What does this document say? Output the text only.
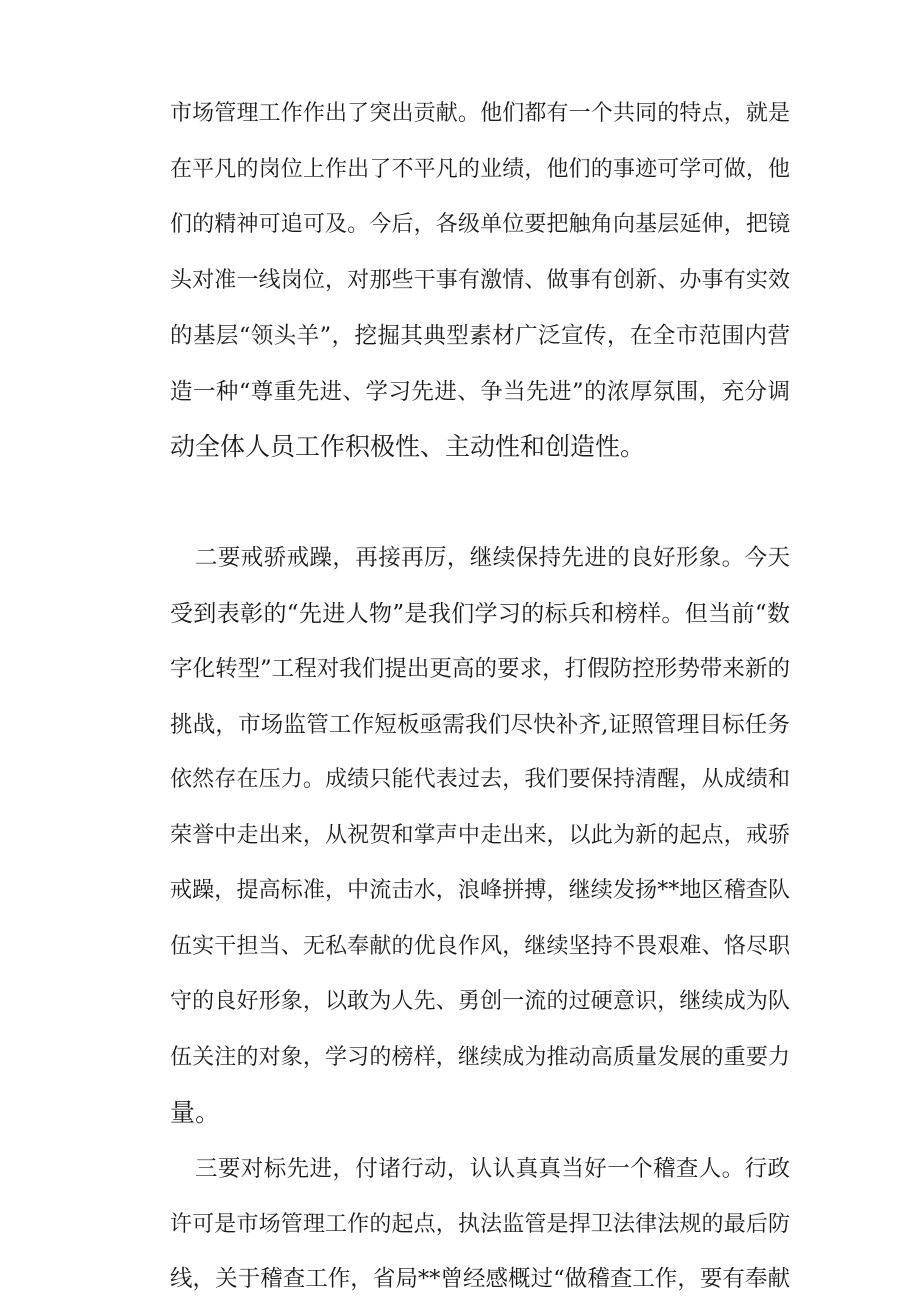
市场管理工作作出了突出贡献。他们都有一个共同的特点，就是
在平凡的岗位上作出了不平凡的业绩，他们的事迹可学可做，他
们的精神可追可及。今后，各级单位要把触角向基层延伸，把镜
头对准一线岗位，对那些干事有激情、做事有创新、办事有实效
的基层“领头羊”，挖掘其典型素材广泛宣传，在全市范围内营
造一种“尊重先进、学习先进、争当先进”的浓厚氛围，充分调
动全体人员工作积极性、主动性和创造性。
二要戒骄戒躁，再接再厉，继续保持先进的良好形象。今天
受到表彰的“先进人物”是我们学习的标兵和榜样。但当前“数
字化转型”工程对我们提出更高的要求，打假防控形势带来新的
挑战，市场监管工作短板亟需我们尽快补齐,证照管理目标任务
依然存在压力。成绩只能代表过去，我们要保持清醒，从成绩和
荣誉中走出来，从祝贺和掌声中走出来，以此为新的起点，戒骄
戒躁，提高标准，中流击水，浪峰拼搏，继续发扬**地区稽查队
伍实干担当、无私奉献的优良作风，继续坚持不畏艰难、恪尽职
守的良好形象，以敢为人先、勇创一流的过硬意识，继续成为队
伍关注的对象，学习的榜样，继续成为推动高质量发展的重要力
量。
三要对标先进，付诸行动，认认真真当好一个稽查人。行政
许可是市场管理工作的起点，执法监管是捍卫法律法规的最后防
线，关于稽查工作，省局**曾经感概过“做稽查工作，要有奉献
